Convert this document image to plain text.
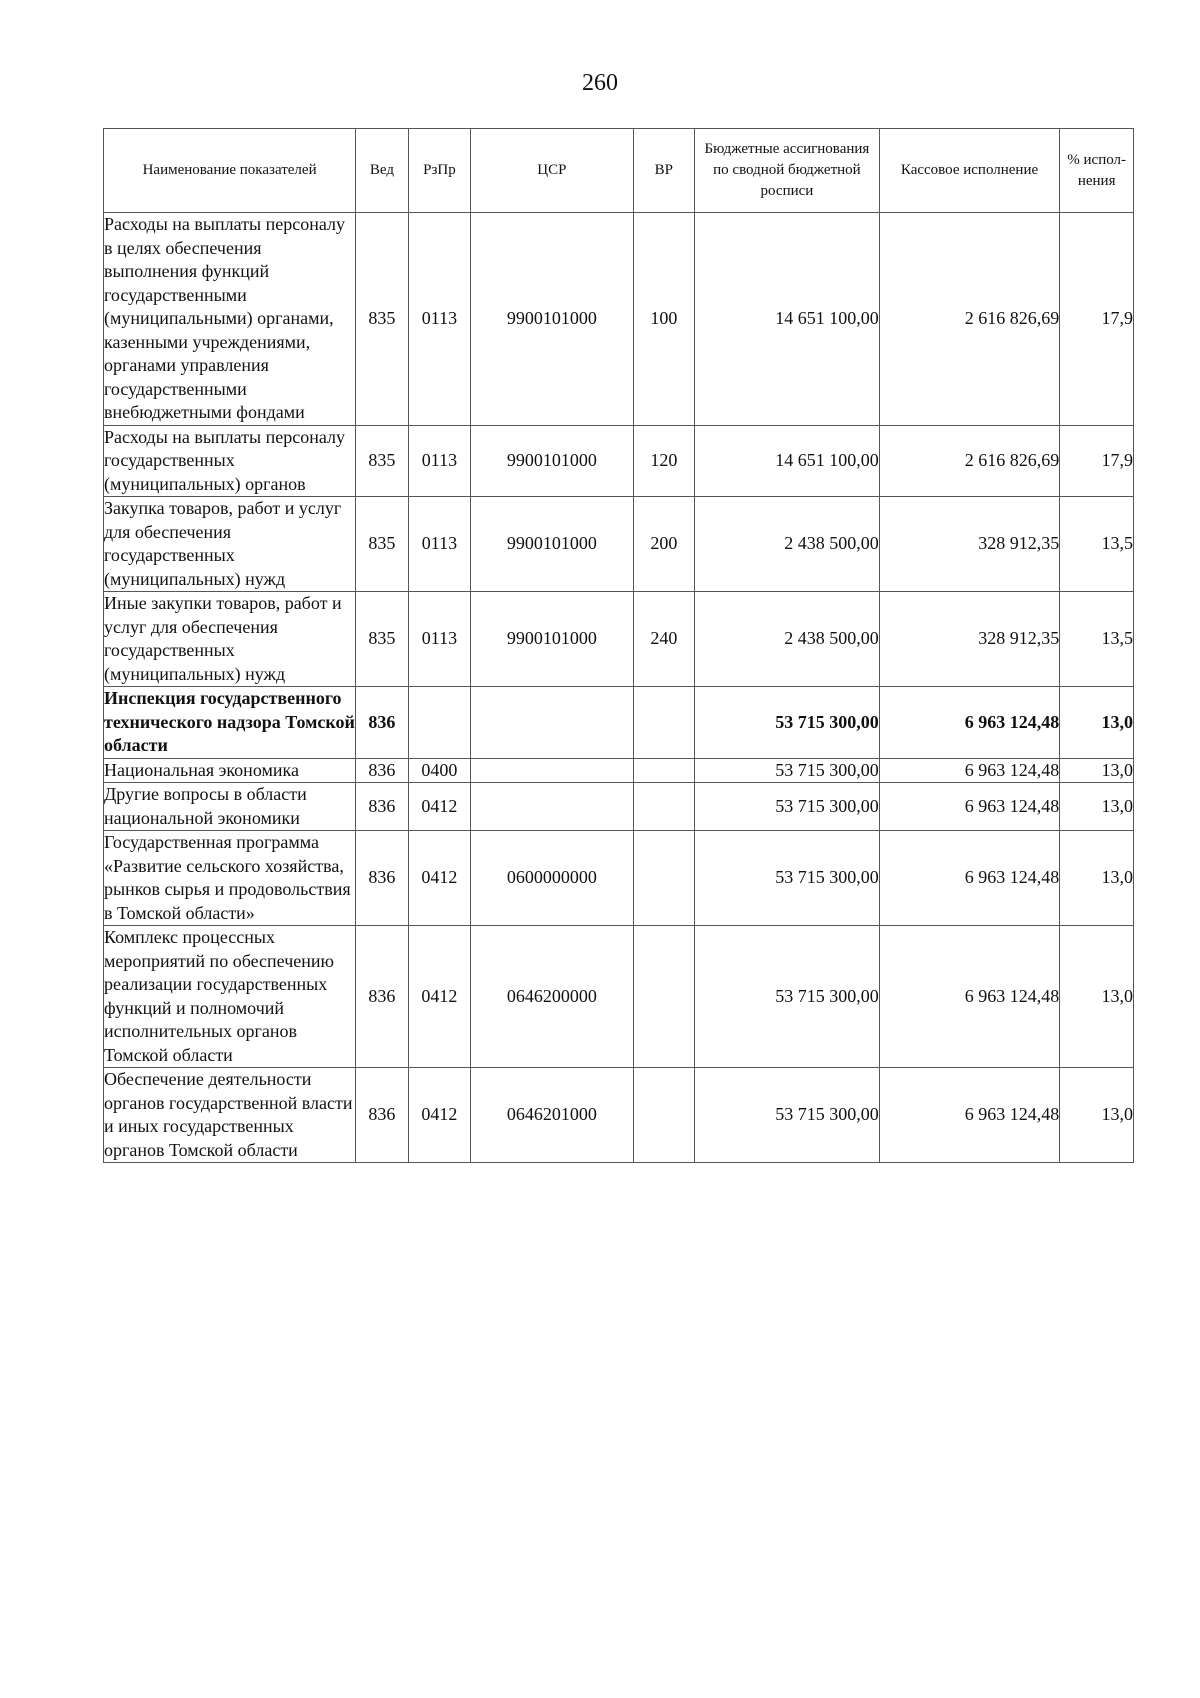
260
Наименование показателей	Вед	РзПр	ЦСР	ВР	Бюджетные ассигнования по сводной бюджетной росписи	Кассовое исполнение	% испол-нения
Расходы на выплаты персоналу в целях обеспечения выполнения функций государственными (муниципальными) органами, казенными учреждениями, органами управления государственными внебюджетными фондами	835	0113	9900101000	100	14 651 100,00	2 616 826,69	17,9
Расходы на выплаты персоналу государственных (муниципальных) органов	835	0113	9900101000	120	14 651 100,00	2 616 826,69	17,9
Закупка товаров, работ и услуг для обеспечения государственных (муниципальных) нужд	835	0113	9900101000	200	2 438 500,00	328 912,35	13,5
Иные закупки товаров, работ и услуг для обеспечения государственных (муниципальных) нужд	835	0113	9900101000	240	2 438 500,00	328 912,35	13,5
Инспекция государственного технического надзора Томской области	836				53 715 300,00	6 963 124,48	13,0
Национальная экономика	836	0400			53 715 300,00	6 963 124,48	13,0
Другие вопросы в области национальной экономики	836	0412			53 715 300,00	6 963 124,48	13,0
Государственная программа «Развитие сельского хозяйства, рынков сырья и продовольствия в Томской области»	836	0412	0600000000		53 715 300,00	6 963 124,48	13,0
Комплекс процессных мероприятий по обеспечению реализации государственных функций и полномочий исполнительных органов Томской области	836	0412	0646200000		53 715 300,00	6 963 124,48	13,0
Обеспечение деятельности органов государственной власти и иных государственных органов Томской области	836	0412	0646201000		53 715 300,00	6 963 124,48	13,0
